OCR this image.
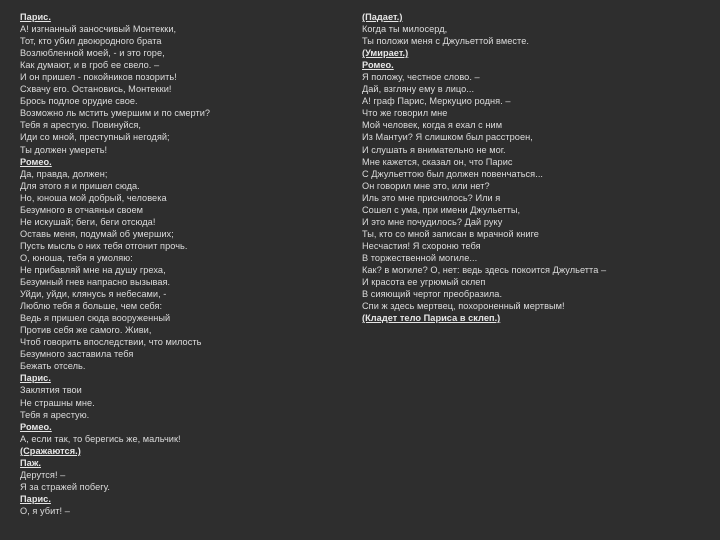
Парис.
А! изгнанный заносчивый Монтекки,
Тот, кто убил двоюродного брата
Возлюбленной моей, - и это горе,
Как думают, и в гроб ее свело. –
И он пришел - покойников позорить!
Схвачу его. Остановись, Монтекки!
Брось подлое орудие свое.
Возможно ль мстить умершим и по смерти?
Тебя я арестую. Повинуйся,
Иди со мной, преступный негодяй;
Ты должен умереть!
Ромео.
Да, правда, должен;
Для этого я и пришел сюда.
Но, юноша мой добрый, человека
Безумного в отчаяньи своем
Не искушай; беги, беги отсюда!
Оставь меня, подумай об умерших;
Пусть мысль о них тебя отгонит прочь.
О, юноша, тебя я умоляю:
Не прибавляй мне на душу греха,
Безумный гнев напрасно вызывая.
Уйди, уйди, клянусь я небесами, -
Люблю тебя я больше, чем себя:
Ведь я пришел сюда вооруженный
Против себя же самого. Живи,
Чтоб говорить впоследствии, что милость
Безумного заставила тебя
Бежать отсель.
Парис.
Заклятия твои
Не страшны мне.
Тебя я арестую.
Ромео.
А, если так, то берегись же, мальчик!
(Сражаются.)
Паж.
Дерутся! –
Я за стражей побегу.
Парис.
О, я убит! –
(Падает.)
Когда ты милосерд,
Ты положи меня с Джульеттой вместе.
(Умирает.)
Ромео.
Я положу, честное слово. –
Дай, взгляну ему в лицо...
А! граф Парис, Меркуцио родня. –
Что же говорил мне
Мой человек, когда я ехал с ним
Из Мантуи? Я слишком был расстроен,
И слушать я внимательно не мог.
Мне кажется, сказал он, что Парис
С Джульеттою был должен повенчаться...
Он говорил мне это, или нет?
Иль это мне приснилось? Или я
Сошел с ума, при имени Джульетты,
И это мне почудилось? Дай руку
Ты, кто со мной записан в мрачной книге
Несчастия! Я схороню тебя
В торжественной могиле...
Как? в могиле? О, нет: ведь здесь покоится Джульетта –
И красота ее угрюмый склеп
В сияющий чертог преобразила.
Спи ж здесь мертвец, похороненный мертвым!
(Кладет тело Париса в склеп.)
